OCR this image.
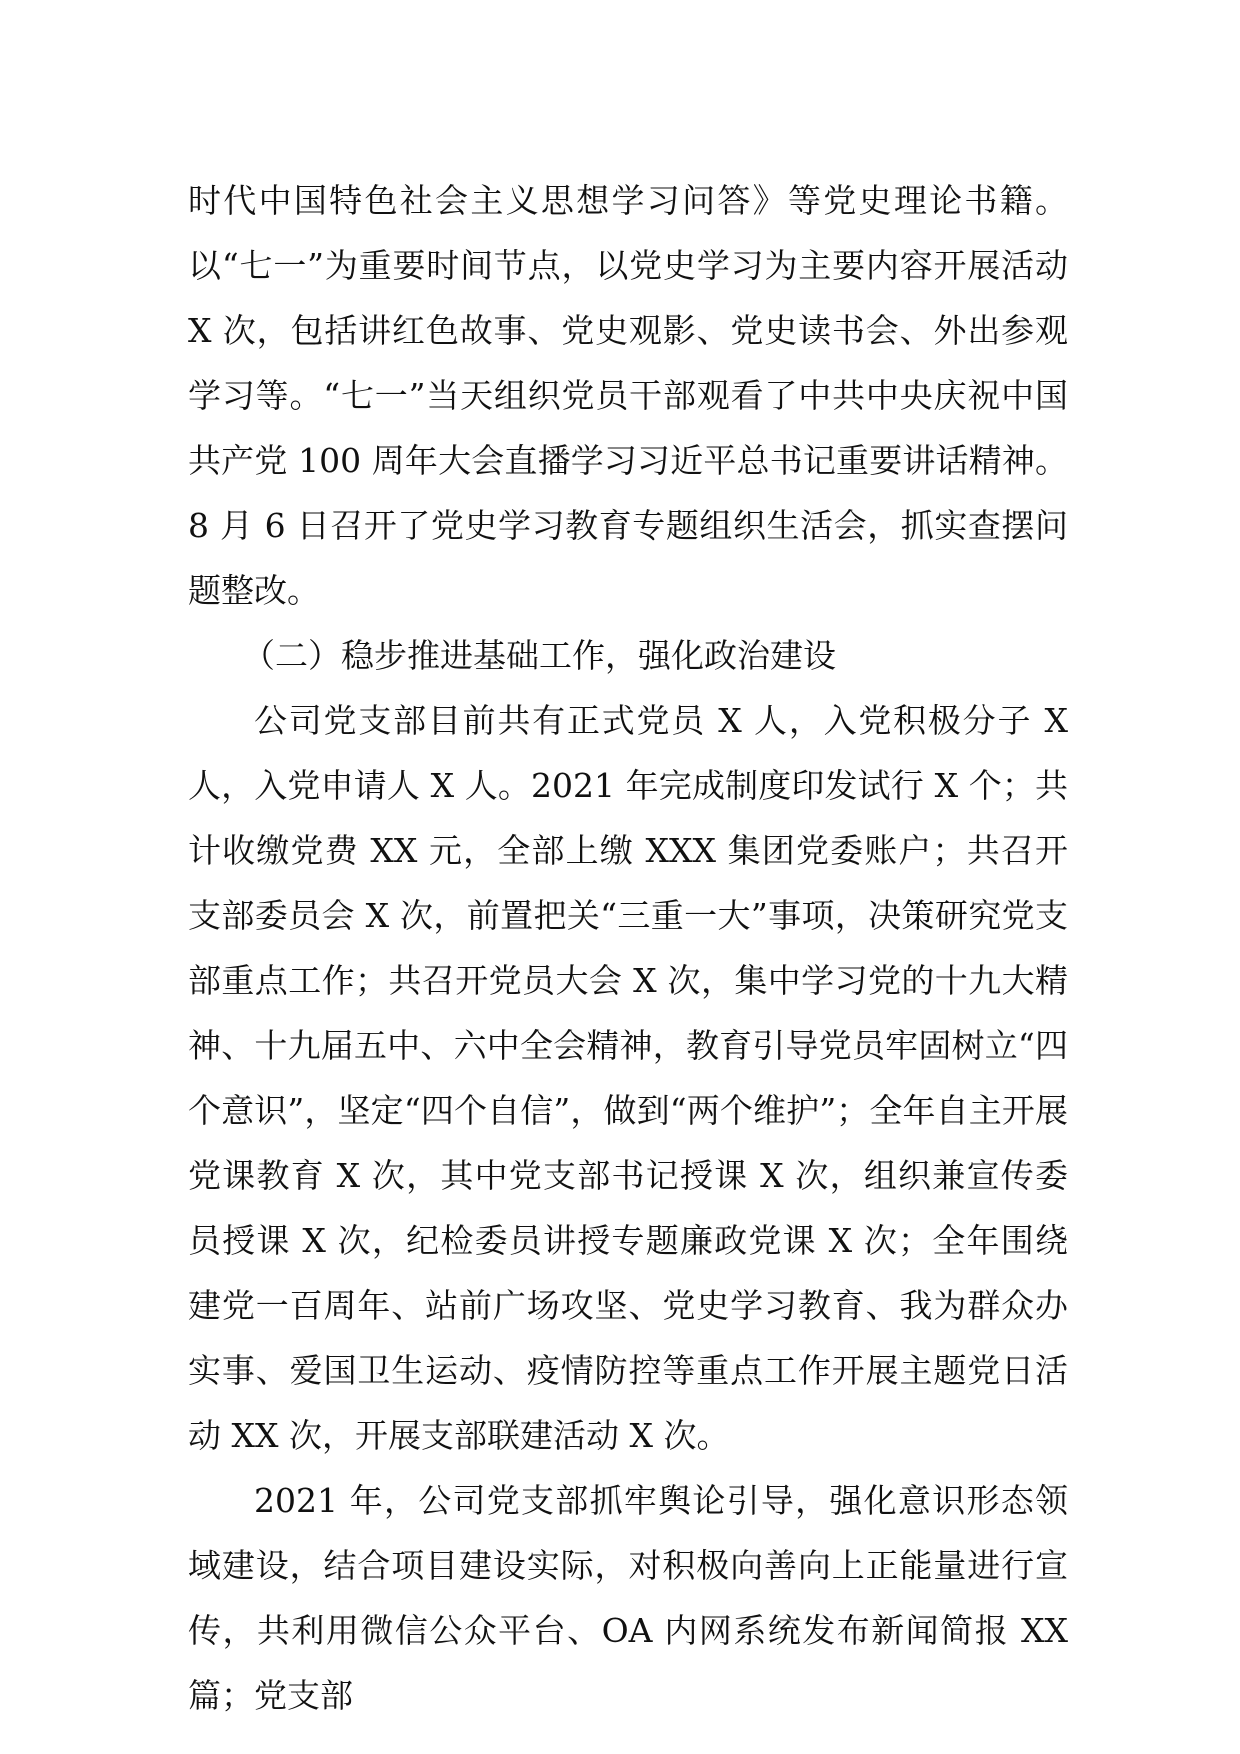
时代中国特色社会主义思想学习问答》等党史理论书籍。以“七一”为重要时间节点，以党史学习为主要内容开展活动 X 次，包括讲红色故事、党史观影、党史读书会、外出参观学习等。“七一”当天组织党员干部观看了中共中央庆祝中国共产党 100 周年大会直播学习习近平总书记重要讲话精神。8 月 6 日召开了党史学习教育专题组织生活会，抓实查摆问题整改。

（二）稳步推进基础工作，强化政治建设

公司党支部目前共有正式党员 X 人，入党积极分子 X 人，入党申请人 X 人。2021 年完成制度印发试行 X 个；共计收缴党费 XX 元，全部上缴 XXX 集团党委账户；共召开支部委员会 X 次，前置把关“三重一大”事项，决策研究党支部重点工作；共召开党员大会 X 次，集中学习党的十九大精神、十九届五中、六中全会精神，教育引导党员牢固树立“四个意识”，坚定“四个自信”，做到“两个维护”；全年自主开展党课教育 X 次，其中党支部书记授课 X 次，组织兼宣传委员授课 X 次，纪检委员讲授专题廉政党课 X 次；全年围绕建党一百周年、站前广场攻坚、党史学习教育、我为群众办实事、爱国卫生运动、疫情防控等重点工作开展主题党日活动 XX 次，开展支部联建活动 X 次。

2021 年，公司党支部抓牢舆论引导，强化意识形态领域建设，结合项目建设实际，对积极向善向上正能量进行宣传，共利用微信公众平台、OA 内网系统发布新闻简报 XX 篇；党支部
